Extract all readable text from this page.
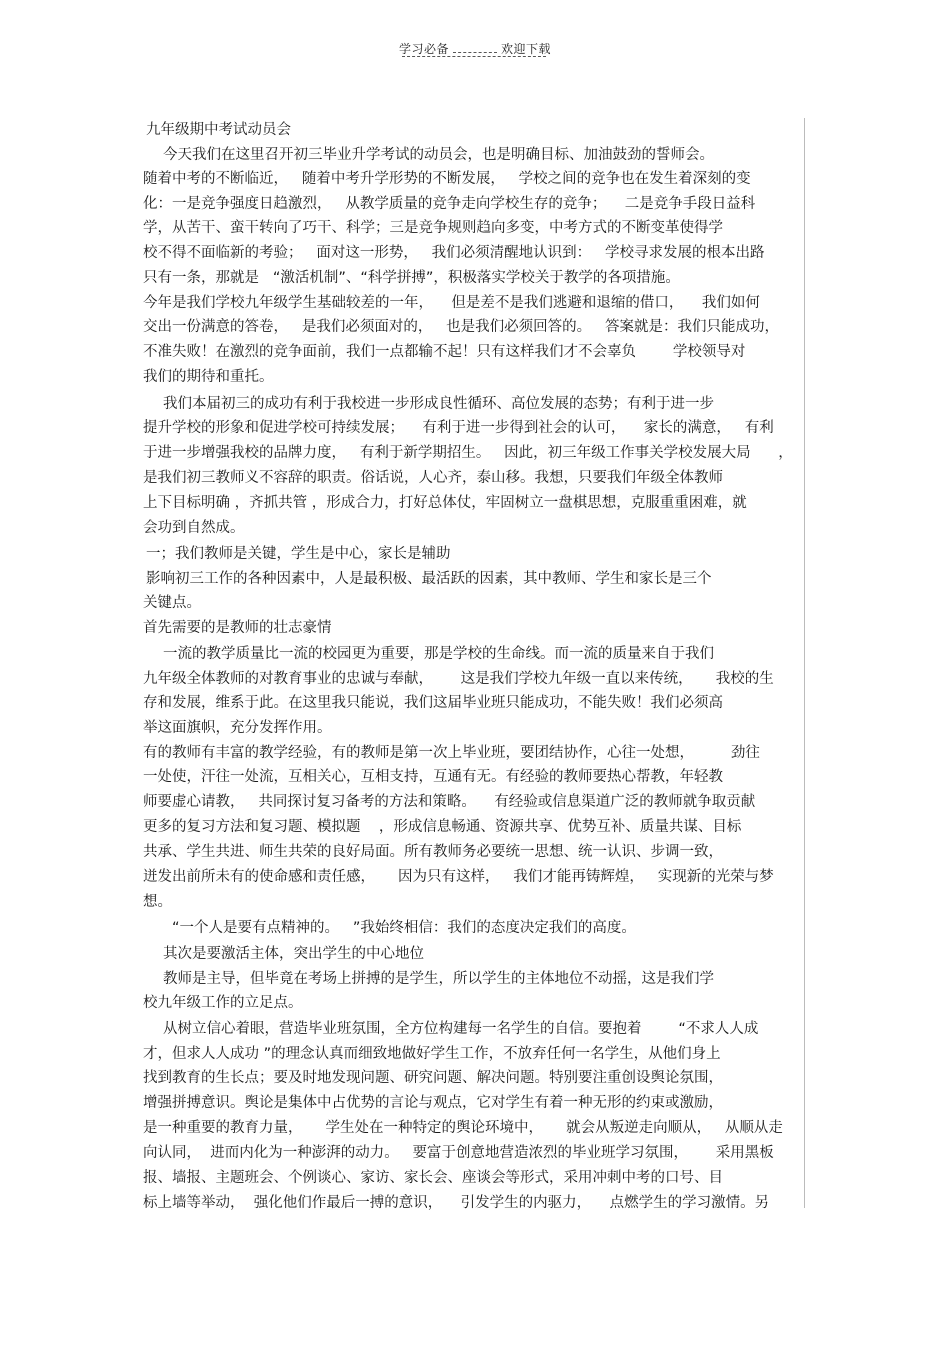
学习必备	欢迎下载
九年级期中考试动员会
今天我们在这里召开初三毕业升学考试的动员会，也是明确目标、加油鼓劲的誓师会。
随着中考的不断临近，   随着中考升学形势的不断发展，   学校之间的竞争也在发生着深刻的变
化：一是竞争强度日趋激烈，   从教学质量的竞争走向学校生存的竞争；    二是竞争手段日益科
学，从苦干、蛮干转向了巧干、科学；三是竞争规则趋向多变，中考方式的不断变革使得学
校不得不面临新的考验；   面对这一形势，   我们必须清醒地认识到：   学校寻求发展的根本出路
只有一条，那就是   “激活机制”、“科学拼搏”，积极落实学校关于教学的各项措施。
今年是我们学校九年级学生基础较差的一年，    但是差不是我们逃避和退缩的借口，    我们如何
交出一份满意的答卷，   是我们必须面对的，   也是我们必须回答的。   答案就是：我们只能成功，
不准失败！在激烈的竞争面前，我们一点都输不起！只有这样我们才不会辜负        学校领导对
我们的期待和重托。
我们本届初三的成功有利于我校进一步形成良性循环、高位发展的态势；有利于进一步
提升学校的形象和促进学校可持续发展；    有利于进一步得到社会的认可，    家长的满意，   有利
于进一步增强我校的品牌力度，   有利于新学期招生。   因此，初三年级工作事关学校发展大局      ，
是我们初三教师义不容辞的职责。俗话说，人心齐，泰山移。我想，只要我们年级全体教师
上下目标明确 ，齐抓共管 ，形成合力，打好总体仗，牢固树立一盘棋思想，克服重重困难，就
会功到自然成。
一；我们教师是关键，学生是中心，家长是辅助
影响初三工作的各种因素中，人是最积极、最活跃的因素，其中教师、学生和家长是三个
关键点。
首先需要的是教师的壮志豪情
一流的教学质量比一流的校园更为重要，那是学校的生命线。而一流的质量来自于我们
九年级全体教师的对教育事业的忠诚与奉献，      这是我们学校九年级一直以来传统，     我校的生
存和发展，维系于此。在这里我只能说，我们这届毕业班只能成功，不能失败！我们必须高
举这面旗帜，充分发挥作用。
有的教师有丰富的教学经验，有的教师是第一次上毕业班，要团结协作，心往一处想，        劲往
一处使，汗往一处流，互相关心，互相支持，互通有无。有经验的教师要热心帮教，年轻教
师要虚心请教，   共同探讨复习备考的方法和策略。    有经验或信息渠道广泛的教师就争取贡献
更多的复习方法和复习题、模拟题    ，形成信息畅通、资源共享、优势互补、质量共谋、目标
共承、学生共进、师生共荣的良好局面。所有教师务必要统一思想、统一认识、步调一致，
迸发出前所未有的使命感和责任感，     因为只有这样，   我们才能再铸辉煌，   实现新的光荣与梦
想。
“一个人是要有点精神的。   ”我始终相信：我们的态度决定我们的高度。
其次是要激活主体，突出学生的中心地位
教师是主导，但毕竟在考场上拼搏的是学生，所以学生的主体地位不动摇，这是我们学
校九年级工作的立足点。
从树立信心着眼，营造毕业班氛围，全方位构建每一名学生的自信。要抱着        “不求人人成
才，但求人人成功 ”的理念认真而细致地做好学生工作，不放弃任何一名学生，从他们身上
找到教育的生长点；要及时地发现问题、研究问题、解决问题。特别要注重创设舆论氛围，
增强拼搏意识。舆论是集体中占优势的言论与观点，它对学生有着一种无形的约束或激励，
是一种重要的教育力量，     学生处在一种特定的舆论环境中，     就会从叛逆走向顺从，   从顺从走
向认同，  进而内化为一种澎湃的动力。   要富于创意地营造浓烈的毕业班学习氛围，      采用黑板
报、墙报、主题班会、个例谈心、家访、家长会、座谈会等形式，采用冲刺中考的口号、目
标上墙等举动，  强化他们作最后一搏的意识，    引发学生的内驱力，    点燃学生的学习激情。另
